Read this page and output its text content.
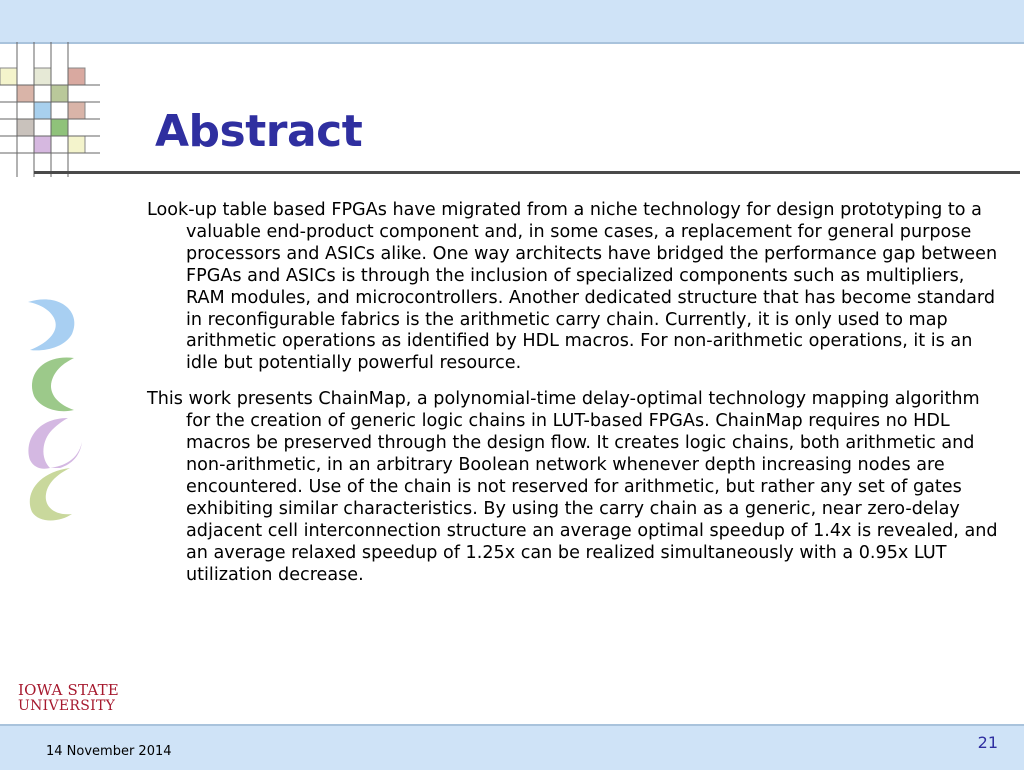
Abstract

Look-up table based FPGAs have migrated from a niche technology for design prototyping to a valuable end-product component and, in some cases, a replacement for general purpose processors and ASICs alike. One way architects have bridged the performance gap between FPGAs and ASICs is through the inclusion of specialized components such as multipliers, RAM modules, and microcontrollers. Another dedicated structure that has become standard in reconfigurable fabrics is the arithmetic carry chain. Currently, it is only used to map arithmetic operations as identified by HDL macros. For non-arithmetic operations, it is an idle but potentially powerful resource.

This work presents ChainMap, a polynomial-time delay-optimal technology mapping algorithm for the creation of generic logic chains in LUT-based FPGAs. ChainMap requires no HDL macros be preserved through the design flow. It creates logic chains, both arithmetic and non-arithmetic, in an arbitrary Boolean network whenever depth increasing nodes are encountered. Use of the chain is not reserved for arithmetic, but rather any set of gates exhibiting similar characteristics. By using the carry chain as a generic, near zero-delay adjacent cell interconnection structure an average optimal speedup of 1.4x is revealed, and an average relaxed speedup of 1.25x can be realized simultaneously with a 0.95x LUT utilization decrease.

IOWA STATE
UNIVERSITY
14 November 2014	21
